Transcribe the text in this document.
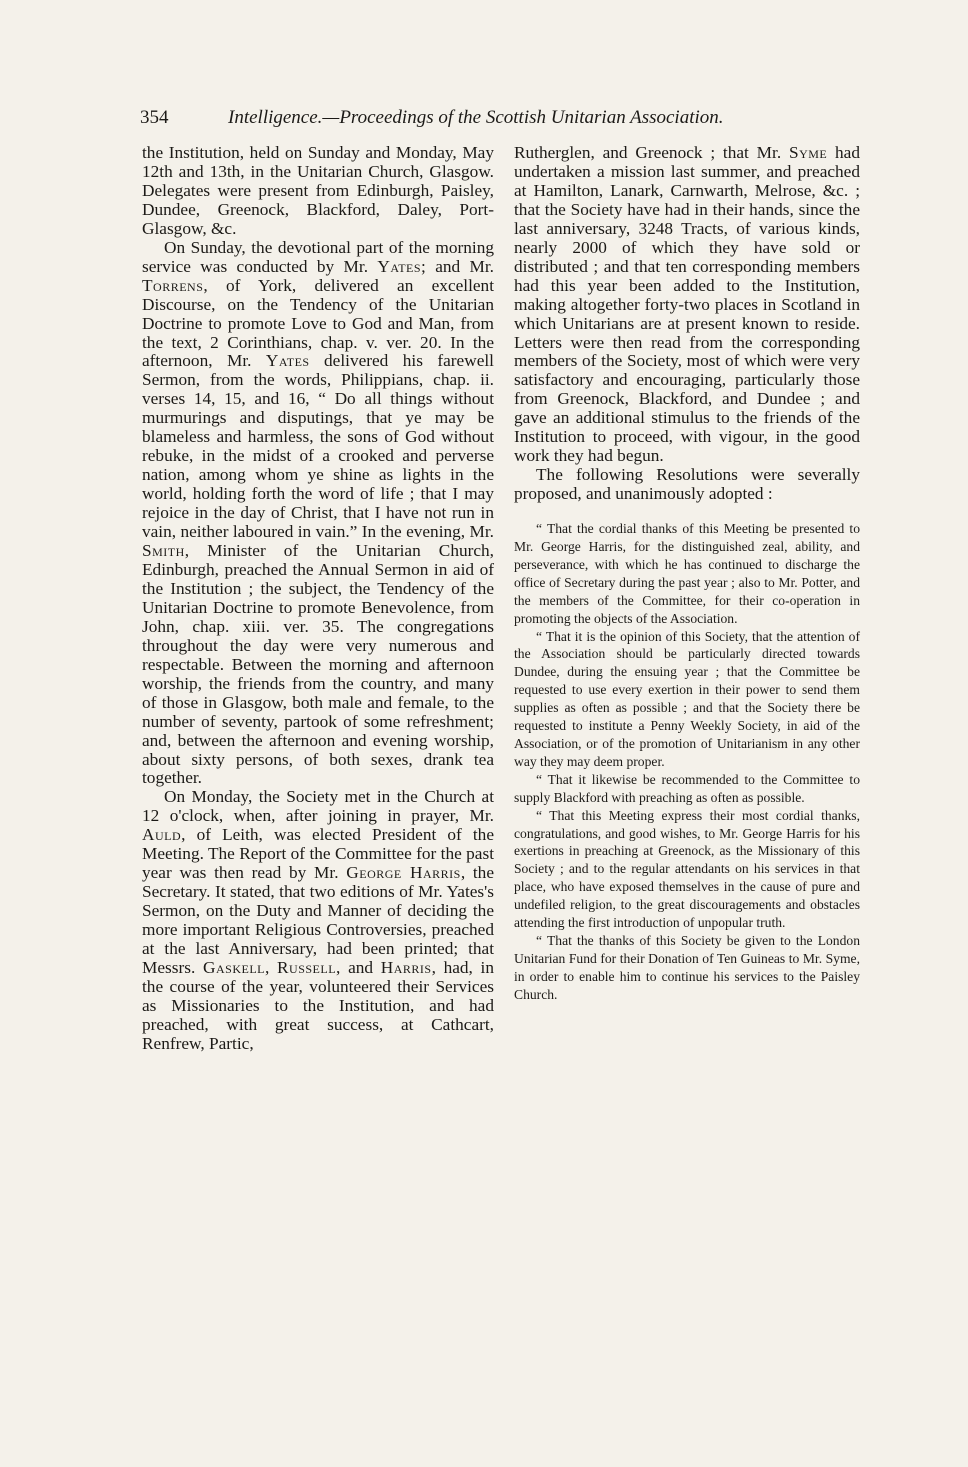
354	Intelligence.—Proceedings of the Scottish Unitarian Association.

the Institution, held on Sunday and Monday, May 12th and 13th, in the Unitarian Church, Glasgow. Delegates were present from Edinburgh, Paisley, Dundee, Greenock, Blackford, Daley, Port-Glasgow, &c.

On Sunday, the devotional part of the morning service was conducted by Mr. Yates; and Mr. Torrens, of York, delivered an excellent Discourse, on the Tendency of the Unitarian Doctrine to promote Love to God and Man, from the text, 2 Corinthians, chap. v. ver. 20. In the afternoon, Mr. Yates delivered his farewell Sermon, from the words, Philippians, chap. ii. verses 14, 15, and 16, “ Do all things without murmurings and disputings, that ye may be blameless and harmless, the sons of God without rebuke, in the midst of a crooked and perverse nation, among whom ye shine as lights in the world, holding forth the word of life ; that I may rejoice in the day of Christ, that I have not run in vain, neither laboured in vain.” In the evening, Mr. Smith, Minister of the Unitarian Church, Edinburgh, preached the Annual Sermon in aid of the Institution ; the subject, the Tendency of the Unitarian Doctrine to promote Benevolence, from John, chap. xiii. ver. 35. The congregations throughout the day were very numerous and respectable. Between the morning and afternoon worship, the friends from the country, and many of those in Glasgow, both male and female, to the number of seventy, partook of some refreshment; and, between the afternoon and evening worship, about sixty persons, of both sexes, drank tea together.

On Monday, the Society met in the Church at 12 o'clock, when, after joining in prayer, Mr. Auld, of Leith, was elected President of the Meeting. The Report of the Committee for the past year was then read by Mr. George Harris, the Secretary. It stated, that two editions of Mr. Yates's Sermon, on the Duty and Manner of deciding the more important Religious Controversies, preached at the last Anniversary, had been printed; that Messrs. Gaskell, Russell, and Harris, had, in the course of the year, volunteered their Services as Missionaries to the Institution, and had preached, with great success, at Cathcart, Renfrew, Partic,

Rutherglen, and Greenock ; that Mr. Syme had undertaken a mission last summer, and preached at Hamilton, Lanark, Carnwarth, Melrose, &c. ; that the Society have had in their hands, since the last anniversary, 3248 Tracts, of various kinds, nearly 2000 of which they have sold or distributed ; and that ten corresponding members had this year been added to the Institution, making altogether forty-two places in Scotland in which Unitarians are at present known to reside. Letters were then read from the corresponding members of the Society, most of which were very satisfactory and encouraging, particularly those from Greenock, Blackford, and Dundee ; and gave an additional stimulus to the friends of the Institution to proceed, with vigour, in the good work they had begun.

The following Resolutions were severally proposed, and unanimously adopted :

“ That the cordial thanks of this Meeting be presented to Mr. George Harris, for the distinguished zeal, ability, and perseverance, with which he has continued to discharge the office of Secretary during the past year ; also to Mr. Potter, and the members of the Committee, for their co-operation in promoting the objects of the Association.

“ That it is the opinion of this Society, that the attention of the Association should be particularly directed towards Dundee, during the ensuing year ; that the Committee be requested to use every exertion in their power to send them supplies as often as possible ; and that the Society there be requested to institute a Penny Weekly Society, in aid of the Association, or of the promotion of Unitarianism in any other way they may deem proper.

“ That it likewise be recommended to the Committee to supply Blackford with preaching as often as possible.

“ That this Meeting express their most cordial thanks, congratulations, and good wishes, to Mr. George Harris for his exertions in preaching at Greenock, as the Missionary of this Society ; and to the regular attendants on his services in that place, who have exposed themselves in the cause of pure and undefiled religion, to the great discouragements and obstacles attending the first introduction of unpopular truth.

“ That the thanks of this Society be given to the London Unitarian Fund for their Donation of Ten Guineas to Mr. Syme, in order to enable him to continue his services to the Paisley Church.
